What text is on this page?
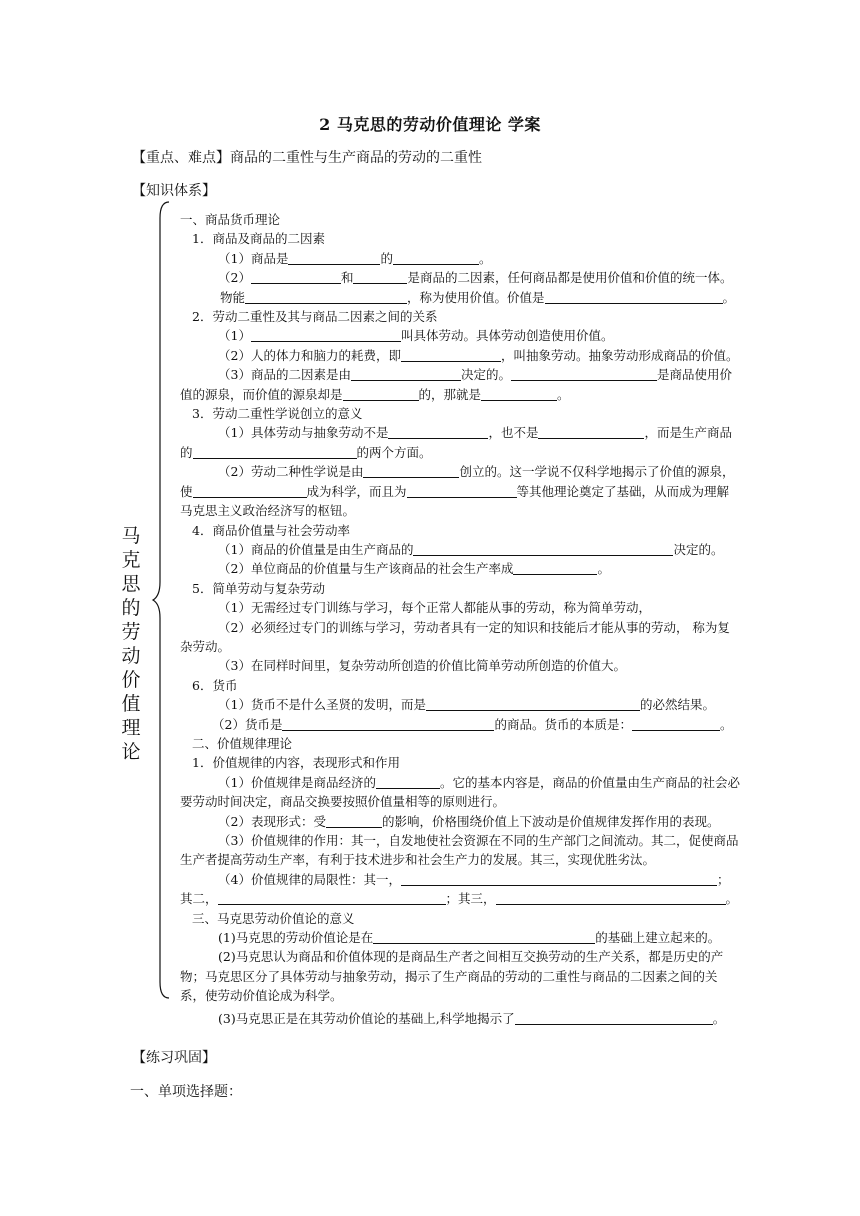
2 马克思的劳动价值理论 学案
【重点、难点】商品的二重性与生产商品的劳动的二重性
【知识体系】
马
克
思
的
劳
动
价
值
理
论

一、商品货币理论

1．商品及商品的二因素

（1）商品是	的	。

（2）	和	是商品的二因素，任何商品都是使用价值和价值的统一体。

物能	，称为使用价值。价值是	。

2．劳动二重性及其与商品二因素之间的关系

（1）	叫具体劳动。具体劳动创造使用价值。

（2）人的体力和脑力的耗费，即	，叫抽象劳动。抽象劳动形成商品的价值。

（3）商品的二因素是由	决定的。	是商品使用价值的源泉，而价值的源泉却是	的，那就是	。

3．劳动二重性学说创立的意义

（1）具体劳动与抽象劳动不是	，也不是	，而是生产商品的	的两个方面。

（2）劳动二种性学说是由	创立的。这一学说不仅科学地揭示了价值的源泉，使	成为科学，而且为	等其他理论奠定了基础，从而成为理解马克思主义政治经济写的枢钮。

4．商品价值量与社会劳动率

（1）商品的价值量是由生产商品的	决定的。

（2）单位商品的价值量与生产该商品的社会生产率成	。

5．简单劳动与复杂劳动

（1）无需经过专门训练与学习，每个正常人都能从事的劳动，称为简单劳动，

（2）必须经过专门的训练与学习，劳动者具有一定的知识和技能后才能从事的劳动， 称为复杂劳动。

（3）在同样时间里，复杂劳动所创造的价值比简单劳动所创造的价值大。

6．货币

（1）货币不是什么圣贤的发明，而是	的必然结果。

（2）货币是	的商品。货币的本质是：	。

二、价值规律理论

1．价值规律的内容，表现形式和作用

（1）价值规律是商品经济的	。它的基本内容是，商品的价值量由生产商品的社会必要劳动时间决定，商品交换要按照价值量相等的原则进行。

（2）表现形式：受	的影响，价格围绕价值上下波动是价值规律发挥作用的表现。

（3）价值规律的作用：其一，自发地使社会资源在不同的生产部门之间流动。其二，促使商品生产者提高劳动生产率，有利于技术进步和社会生产力的发展。其三，实现优胜劣汰。

（4）价值规律的局限性：其一，	；

其二，	；其三，	。

三、马克思劳动价值论的意义

(1)马克思的劳动价值论是在	的基础上建立起来的。

(2)马克思认为商品和价值体现的是商品生产者之间相互交换劳动的生产关系，都是历史的产物；马克思区分了具体劳动与抽象劳动，揭示了生产商品的劳动的二重性与商品的二因素之间的关系，使劳动价值论成为科学。

(3)马克思正是在其劳动价值论的基础上,科学地揭示了	。

【练习巩固】
一、单项选择题：
